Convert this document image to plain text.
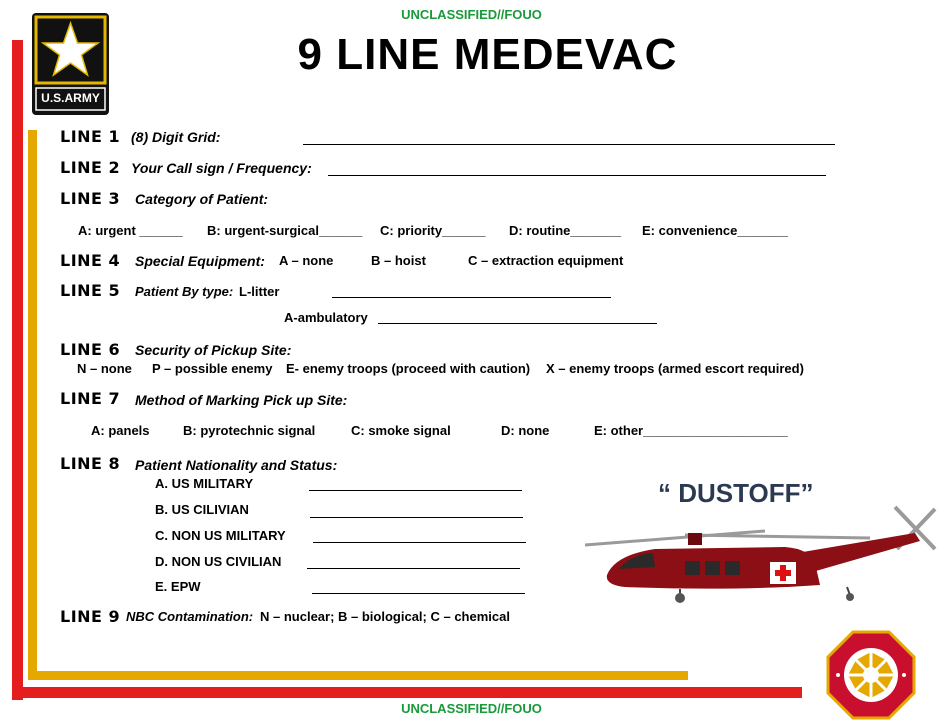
UNCLASSIFIED//FOUO
U.S.ARMY
9 LINE MEDEVAC
LINE 1 (8) Digit Grid:
LINE 2 Your Call sign / Frequency:
LINE 3 Category of Patient:
A: urgent ______ B: urgent-surgical______ C: priority______ D: routine_______ E: convenience_______
LINE 4 Special Equipment: A – none	B – hoist	C – extraction equipment
LINE 5 Patient By type: L-litter
A-ambulatory
LINE 6 Security of Pickup Site:
N – none P – possible enemy E- enemy troops (proceed with caution) X – enemy troops (armed escort required)
LINE 7 Method of Marking Pick up Site:
A: panels	B: pyrotechnic signal	C: smoke signal	D: none	E: other____________________
LINE 8 Patient Nationality and Status:
A. US MILITARY
B. US CILIVIAN
C. NON US MILITARY
D. NON US CIVILIAN
E. EPW
LINE 9 NBC Contamination: N – nuclear; B – biological; C – chemical
“ DUSTOFF”
UNCLASSIFIED//FOUO
